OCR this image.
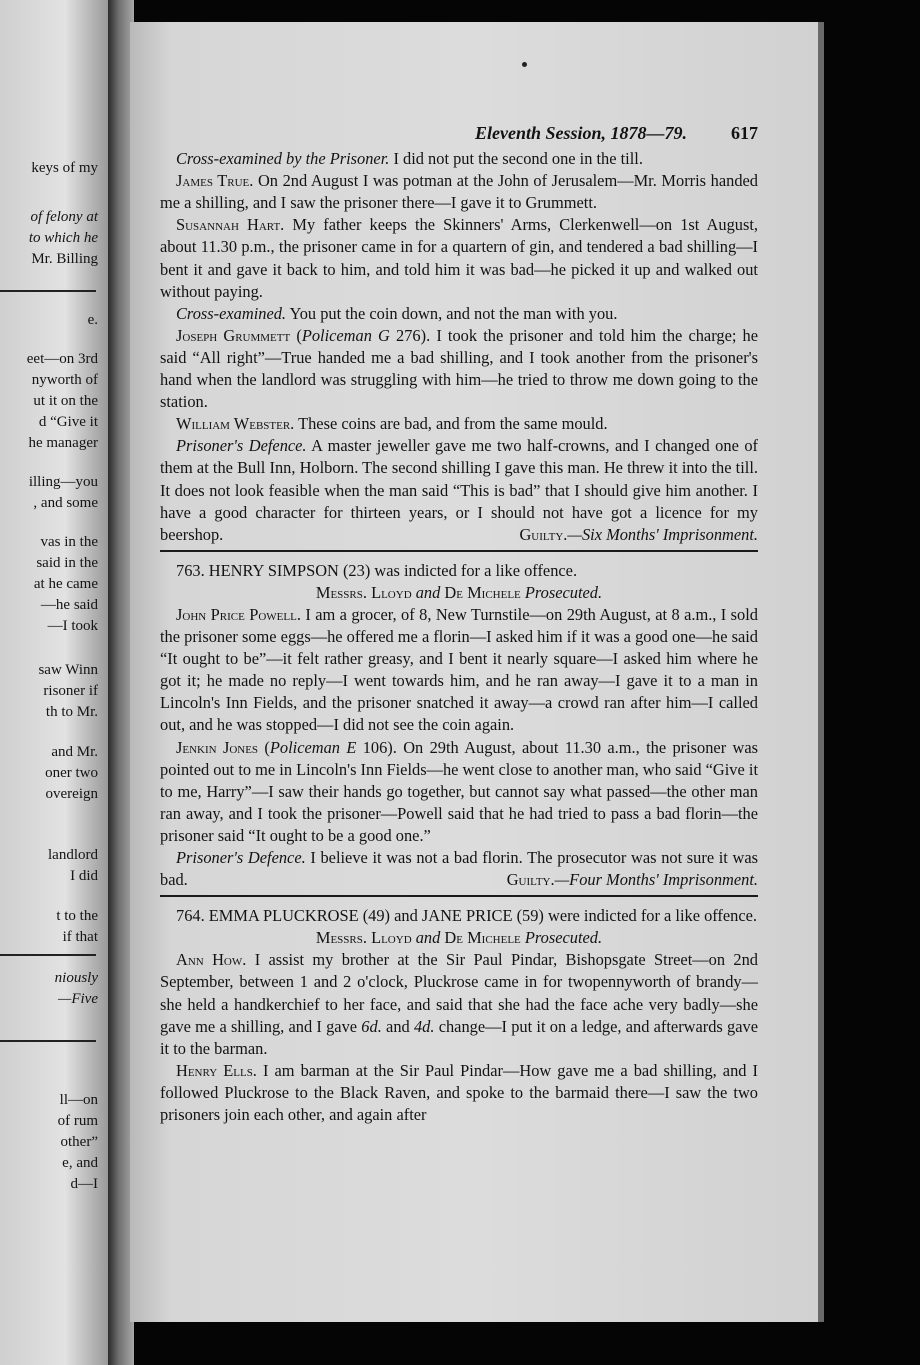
keys of my
of felony at
to which he
Mr. Billing
e.
eet—on 3rd
nyworth of
ut it on the
d “Give it
he manager
illing—you
, and some
vas in the
said in the
at he came
—he said
—I took
saw Winn
risoner if
th to Mr.
and Mr.
oner two
overeign
landlord
I did
t to the
if that
niously
—Five
ll—on
of rum
other”
e, and
d—I
Eleventh Session, 1878—79. 617

Cross-examined by the Prisoner. I did not put the second one in the till.

James True. On 2nd August I was potman at the John of Jerusalem—Mr. Morris handed me a shilling, and I saw the prisoner there—I gave it to Grummett.

Susannah Hart. My father keeps the Skinners' Arms, Clerkenwell—on 1st August, about 11.30 p.m., the prisoner came in for a quartern of gin, and tendered a bad shilling—I bent it and gave it back to him, and told him it was bad—he picked it up and walked out without paying.

Cross-examined. You put the coin down, and not the man with you.

Joseph Grummett (Policeman G 276). I took the prisoner and told him the charge; he said “All right”—True handed me a bad shilling, and I took another from the prisoner's hand when the landlord was struggling with him—he tried to throw me down going to the station.

William Webster. These coins are bad, and from the same mould.

Prisoner's Defence. A master jeweller gave me two half-crowns, and I changed one of them at the Bull Inn, Holborn. The second shilling I gave this man. He threw it into the till. It does not look feasible when the man said “This is bad” that I should give him another. I have a good character for thirteen years, or I should not have got a licence for my beershop.	Guilty.—Six Months' Imprisonment.

763. HENRY SIMPSON (23) was indicted for a like offence.

Messrs. Lloyd and De Michele Prosecuted.

John Price Powell. I am a grocer, of 8, New Turnstile—on 29th August, at 8 a.m., I sold the prisoner some eggs—he offered me a florin—I asked him if it was a good one—he said “It ought to be”—it felt rather greasy, and I bent it nearly square—I asked him where he got it; he made no reply—I went towards him, and he ran away—I gave it to a man in Lincoln's Inn Fields, and the prisoner snatched it away—a crowd ran after him—I called out, and he was stopped—I did not see the coin again.

Jenkin Jones (Policeman E 106). On 29th August, about 11.30 a.m., the prisoner was pointed out to me in Lincoln's Inn Fields—he went close to another man, who said “Give it to me, Harry”—I saw their hands go together, but cannot say what passed—the other man ran away, and I took the prisoner—Powell said that he had tried to pass a bad florin—the prisoner said “It ought to be a good one.”

Prisoner's Defence. I believe it was not a bad florin. The prosecutor was not sure it was bad.	Guilty.—Four Months' Imprisonment.

764. EMMA PLUCKROSE (49) and JANE PRICE (59) were indicted for a like offence.

Messrs. Lloyd and De Michele Prosecuted.

Ann How. I assist my brother at the Sir Paul Pindar, Bishopsgate Street—on 2nd September, between 1 and 2 o'clock, Pluckrose came in for twopennyworth of brandy—she held a handkerchief to her face, and said that she had the face ache very badly—she gave me a shilling, and I gave 6d. and 4d. change—I put it on a ledge, and afterwards gave it to the barman.

Henry Ells. I am barman at the Sir Paul Pindar—How gave me a bad shilling, and I followed Pluckrose to the Black Raven, and spoke to the barmaid there—I saw the two prisoners join each other, and again after
